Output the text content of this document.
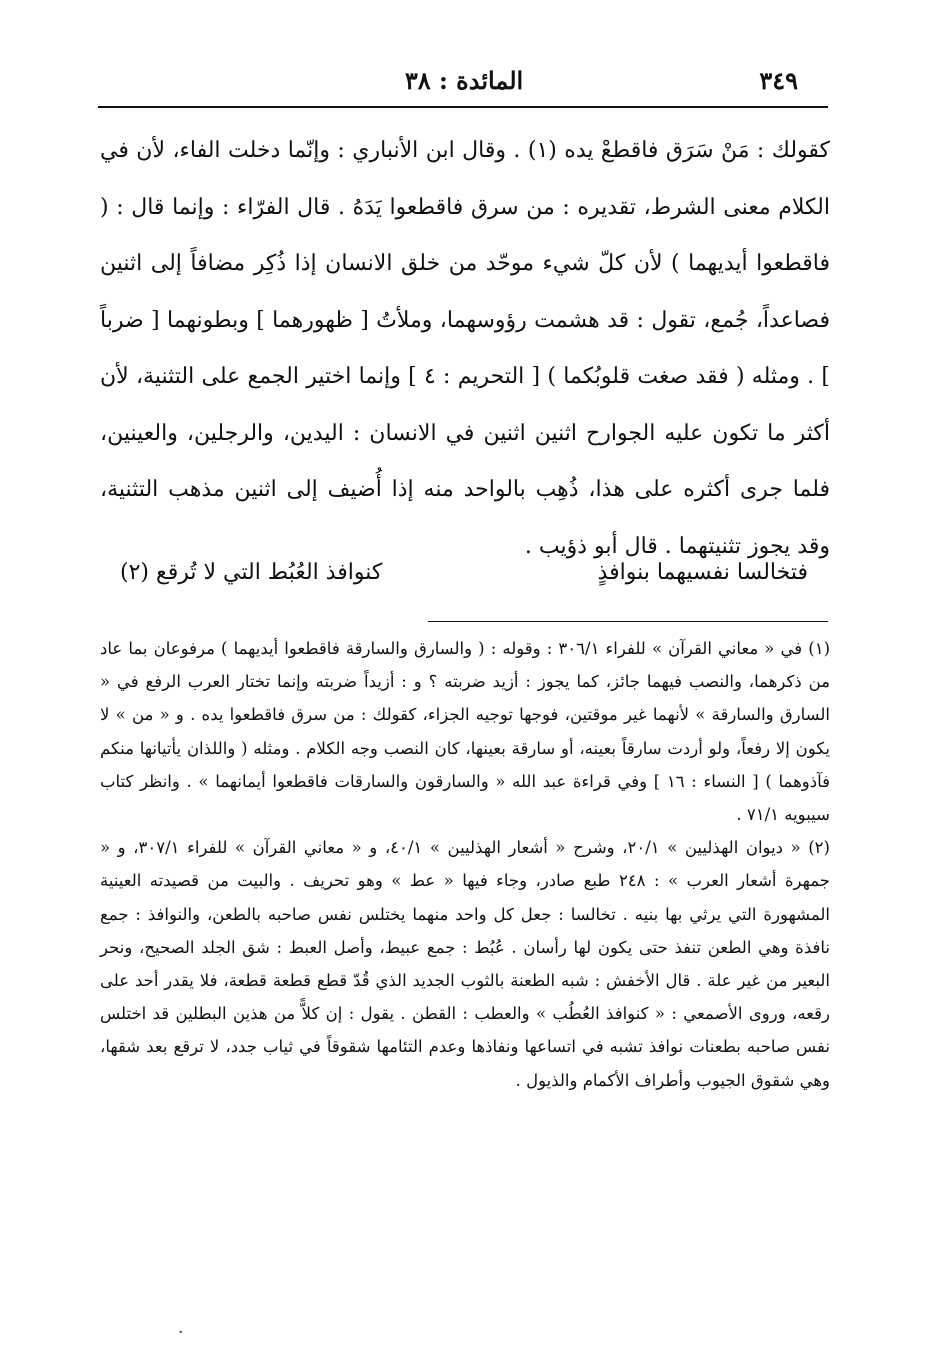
المائدة : ٣٨	٣٤٩

كقولك : مَنْ سَرَق فاقطعْ يده (١) . وقال ابن الأنباري : وإنّما دخلت الفاء، لأن في الكلام معنى الشرط، تقديره : من سرق فاقطعوا يَدَهُ . قال الفرّاء : وإنما قال : ( فاقطعوا أيديهما ) لأن كلّ شيء موحّد من خلق الانسان إذا ذُكِر مضافاً إلى اثنين فصاعداً، جُمع، تقول : قد هشمت رؤوسهما، وملأتُ [ ظهورهما ] وبطونهما [ ضرباً ] . ومثله ( فقد صغت قلوبُكما ) [ التحريم : ٤ ] وإنما اختير الجمع على التثنية، لأن أكثر ما تكون عليه الجوارح اثنين اثنين في الانسان : اليدين، والرجلين، والعينين، فلما جرى أكثره على هذا، ذُهِب بالواحد منه إذا أُضيف إلى اثنين مذهب التثنية، وقد يجوز تثنيتهما . قال أبو ذؤيب .

فتخالسا نفسيهما بنوافذٍ
كنوافذ العُبُط التي لا تُرقع (٢)

(١) في « معاني القرآن » للفراء ٣٠٦/١ : وقوله : ( والسارق والسارقة فاقطعوا أيديهما ) مرفوعان بما عاد من ذكرهما، والنصب فيهما جائز، كما يجوز : أزيد ضربته ؟ و : أزيداً ضربته وإنما تختار العرب الرفع في « السارق والسارقة » لأنهما غير موقتين، فوجها توجيه الجزاء، كقولك : من سرق فاقطعوا يده . و « من » لا يكون إلا رفعاً، ولو أردت سارقاً بعينه، أو سارقة بعينها، كان النصب وجه الكلام . ومثله ( واللذان يأتيانها منكم فآذوهما ) [ النساء : ١٦ ] وفي قراءة عبد الله « والسارقون والسارقات فاقطعوا أيمانهما » . وانظر كتاب سيبويه ٧١/١ .

(٢) « ديوان الهذليين » ٢٠/١، وشرح « أشعار الهذليين » ٤٠/١، و « معاني القرآن » للفراء ٣٠٧/١، و « جمهرة أشعار العرب » : ٢٤٨ طبع صادر، وجاء فيها « عط » وهو تحريف . والبيت من قصيدته العينية المشهورة التي يرثي بها بنيه . تخالسا : جعل كل واحد منهما يختلس نفس صاحبه بالطعن، والنوافذ : جمع نافذة وهي الطعن تنفذ حتى يكون لها رأسان . عُبُط : جمع عبيط، وأصل العبط : شق الجلد الصحيح، ونحر البعير من غير علة . قال الأخفش : شبه الطعنة بالثوب الجديد الذي قُدّ قطع قطعة قطعة، فلا يقدر أحد على رقعه، وروى الأصمعي : « كنوافذ العُطُب » والعطب : القطن . يقول : إن كلاًّ من هذين البطلين قد اختلس نفس صاحبه بطعنات نوافذ تشبه في اتساعها ونفاذها وعدم التئامها شقوقاً في ثياب جدد، لا ترقع بعد شقها، وهي شقوق الجيوب وأطراف الأكمام والذيول .

·
